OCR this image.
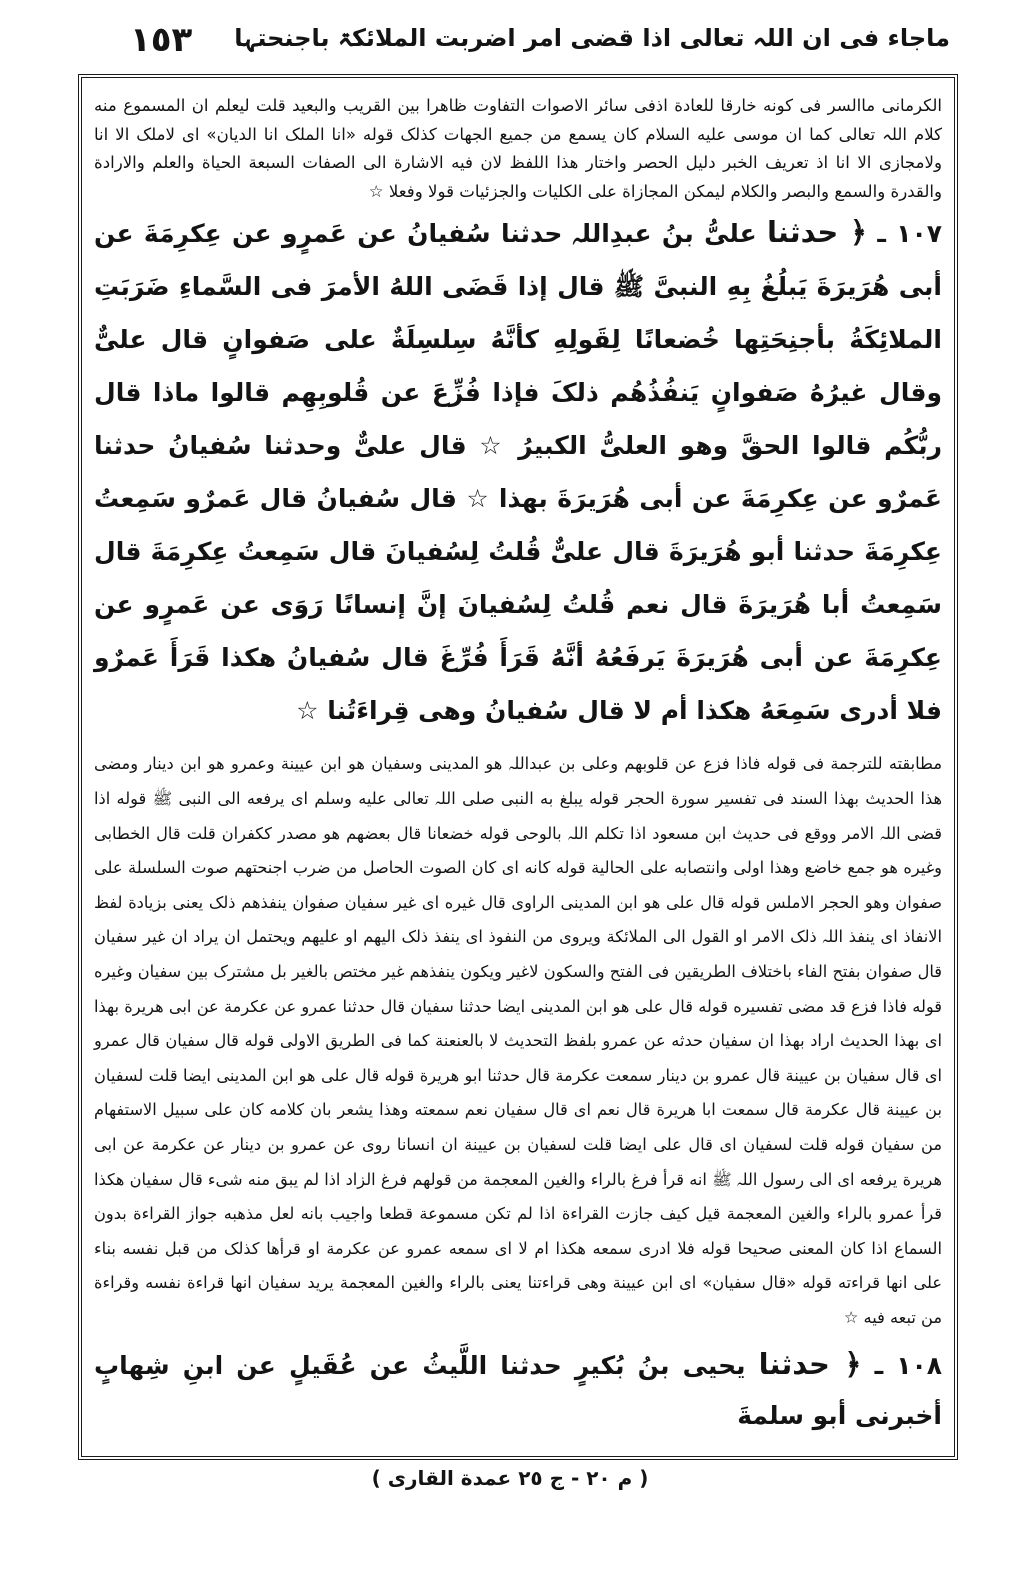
١٥٣ ماجاء فی ان اللہ تعالی اذا قضی امر اضربت الملائکۃ باجنحتہا

الکرمانی ماالسر فی کونه خارقا للعادة اذفی سائر الاصوات التفاوت ظاهرا بین القریب والبعید قلت لیعلم ان المسموع منه کلام اللہ تعالی کما ان موسی علیه السلام کان یسمع من جمیع الجهات کذلک قوله «انا الملک انا الدیان» ای لاملک الا انا ولامجازی الا انا اذ تعریف الخبر دلیل الحصر واختار هذا اللفظ لان فیه الاشارة الی الصفات السبعة الحیاة والعلم والارادة والقدرة والسمع والبصر والکلام لیمکن المجازاة علی الکلیات والجزئیات قولا وفعلا ☆

١٠٧ ـ ﴿ حدثنا علیُّ بنُ عبدِاللہ حدثنا سُفیانُ عن عَمرٍو عن عِکرِمَةَ عن أبی هُرَیرَةَ یَبلُغُ بِهِ النبیَّ ﷺ قال إذا قَضَی اللهُ الأمرَ فی السَّماءِ ضَرَبَتِ الملائِکَةُ بأجنِحَتِها خُضعانًا لِقَولِهِ کأنَّهُ سِلسِلَةٌ علی صَفوانٍ قال علیٌّ وقال غیرُهُ صَفوانٍ یَنفُذُهُم ذلکَ فإذا فُزِّعَ عن قُلوبِهِم قالوا ماذا قال ربُّکُم قالوا الحقَّ وهو العلیُّ الکبیرُ ☆ قال علیٌّ وحدثنا سُفیانُ حدثنا عَمرٌو عن عِکرِمَةَ عن أبی هُرَیرَةَ بهذا ☆ قال سُفیانُ قال عَمرٌو سَمِعتُ عِکرِمَةَ حدثنا أبو هُرَیرَةَ قال علیٌّ قُلتُ لِسُفیانَ قال سَمِعتُ عِکرِمَةَ قال سَمِعتُ أبا هُرَیرَةَ قال نعم قُلتُ لِسُفیانَ إنَّ إنسانًا رَوَی عن عَمرٍو عن عِکرِمَةَ عن أبی هُرَیرَةَ یَرفَعُهُ أنَّهُ قَرَأَ فُرِّغَ قال سُفیانُ هکذا قَرَأَ عَمرٌو فلا أدری سَمِعَهُ هکذا أم لا قال سُفیانُ وهی قِراءَتُنا ☆

مطابقته للترجمة فی قوله فاذا فزع عن قلوبهم وعلی بن عبداللہ هو المدینی وسفیان هو ابن عیینة وعمرو هو ابن دینار ومضی هذا الحدیث بهذا السند فی تفسیر سورة الحجر قوله یبلغ به النبی صلی اللہ تعالی علیه وسلم ای یرفعه الی النبی ﷺ قوله اذا قضی اللہ الامر ووقع فی حدیث ابن مسعود اذا تکلم اللہ بالوحی قوله خضعانا قال بعضهم هو مصدر ککفران قلت قال الخطابی وغیره هو جمع خاضع وهذا اولی وانتصابه علی الحالیة قوله کانه ای کان الصوت الحاصل من ضرب اجنحتهم صوت السلسلة علی صفوان وهو الحجر الاملس قوله قال علی هو ابن المدینی الراوی قال غیره ای غیر سفیان صفوان ینفذهم ذلک یعنی بزیادة لفظ الانفاذ ای ینفذ اللہ ذلک الامر او القول الی الملائکة ویروی من النفوذ ای ینفذ ذلک الیهم او علیهم ویحتمل ان یراد ان غیر سفیان قال صفوان بفتح الفاء باختلاف الطریقین فی الفتح والسکون لاغیر ویکون ینفذهم غیر مختص بالغیر بل مشترک بین سفیان وغیره قوله فاذا فزع قد مضی تفسیره قوله قال علی هو ابن المدینی ایضا حدثنا سفیان قال حدثنا عمرو عن عکرمة عن ابی هریرة بهذا ای بهذا الحدیث اراد بهذا ان سفیان حدثه عن عمرو بلفظ التحدیث لا بالعنعنة کما فی الطریق الاولی قوله قال سفیان قال عمرو ای قال سفیان بن عیینة قال عمرو بن دینار سمعت عکرمة قال حدثنا ابو هریرة قوله قال علی هو ابن المدینی ایضا قلت لسفیان بن عیینة قال عکرمة قال سمعت ابا هریرة قال نعم ای قال سفیان نعم سمعته وهذا یشعر بان کلامه کان علی سبیل الاستفهام من سفیان قوله قلت لسفیان ای قال علی ایضا قلت لسفیان بن عیینة ان انسانا روی عن عمرو بن دینار عن عکرمة عن ابی هریرة یرفعه ای الی رسول اللہ ﷺ انه قرأ فرغ بالراء والغین المعجمة من قولهم فرغ الزاد اذا لم یبق منه شیء قال سفیان هکذا قرأ عمرو بالراء والغین المعجمة قیل کیف جازت القراءة اذا لم تکن مسموعة قطعا واجیب بانه لعل مذهبه جواز القراءة بدون السماع اذا کان المعنی صحیحا قوله فلا ادری سمعه هکذا ام لا ای سمعه عمرو عن عکرمة او قرأها کذلک من قبل نفسه بناء علی انها قراءته قوله «قال سفیان» ای ابن عیینة وهی قراءتنا یعنی بالراء والغین المعجمة یرید سفیان انها قراءة نفسه وقراءة من تبعه فیه ☆

١٠٨ ـ ﴿ حدثنا یحیی بنُ بُکیرٍ حدثنا اللَّیثُ عن عُقَیلٍ عن ابنِ شِهابٍ أخبرنی أبو سلمةَ

( م ٢٠ - ج ٢٥ عمدة القاری )
